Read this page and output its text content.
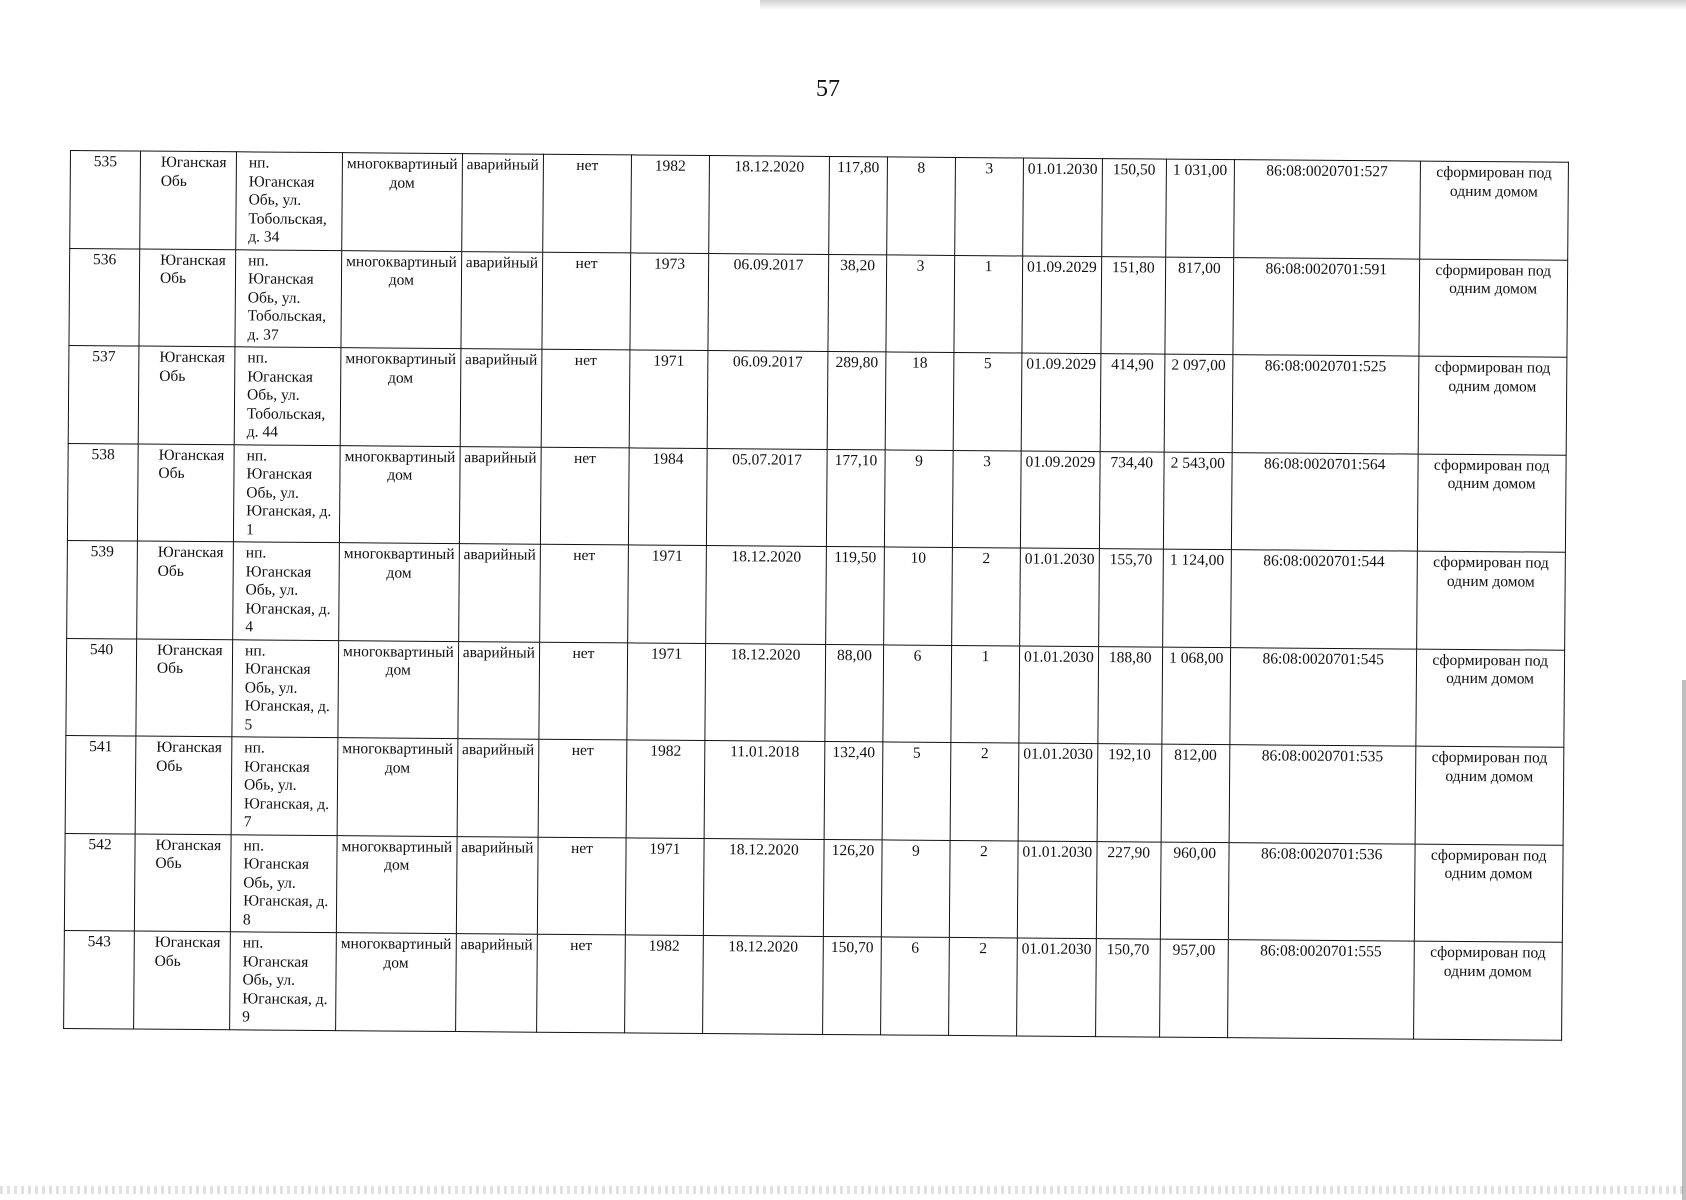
57
535	Юганская Обь	нп. Юганская Обь, ул. Тобольская, д. 34	многоквартиный дом	аварийный	нет	1982	18.12.2020	117,80	8	3	01.01.2030	150,50	1 031,00	86:08:0020701:527	сформирован под одним домом
536	Юганская Обь	нп. Юганская Обь, ул. Тобольская, д. 37	многоквартиный дом	аварийный	нет	1973	06.09.2017	38,20	3	1	01.09.2029	151,80	817,00	86:08:0020701:591	сформирован под одним домом
537	Юганская Обь	нп. Юганская Обь, ул. Тобольская, д. 44	многоквартиный дом	аварийный	нет	1971	06.09.2017	289,80	18	5	01.09.2029	414,90	2 097,00	86:08:0020701:525	сформирован под одним домом
538	Юганская Обь	нп. Юганская Обь, ул. Юганская, д. 1	многоквартиный дом	аварийный	нет	1984	05.07.2017	177,10	9	3	01.09.2029	734,40	2 543,00	86:08:0020701:564	сформирован под одним домом
539	Юганская Обь	нп. Юганская Обь, ул. Юганская, д. 4	многоквартиный дом	аварийный	нет	1971	18.12.2020	119,50	10	2	01.01.2030	155,70	1 124,00	86:08:0020701:544	сформирован под одним домом
540	Юганская Обь	нп. Юганская Обь, ул. Юганская, д. 5	многоквартиный дом	аварийный	нет	1971	18.12.2020	88,00	6	1	01.01.2030	188,80	1 068,00	86:08:0020701:545	сформирован под одним домом
541	Юганская Обь	нп. Юганская Обь, ул. Юганская, д. 7	многоквартиный дом	аварийный	нет	1982	11.01.2018	132,40	5	2	01.01.2030	192,10	812,00	86:08:0020701:535	сформирован под одним домом
542	Юганская Обь	нп. Юганская Обь, ул. Юганская, д. 8	многоквартиный дом	аварийный	нет	1971	18.12.2020	126,20	9	2	01.01.2030	227,90	960,00	86:08:0020701:536	сформирован под одним домом
543	Юганская Обь	нп. Юганская Обь, ул. Юганская, д. 9	многоквартиный дом	аварийный	нет	1982	18.12.2020	150,70	6	2	01.01.2030	150,70	957,00	86:08:0020701:555	сформирован под одним домом
